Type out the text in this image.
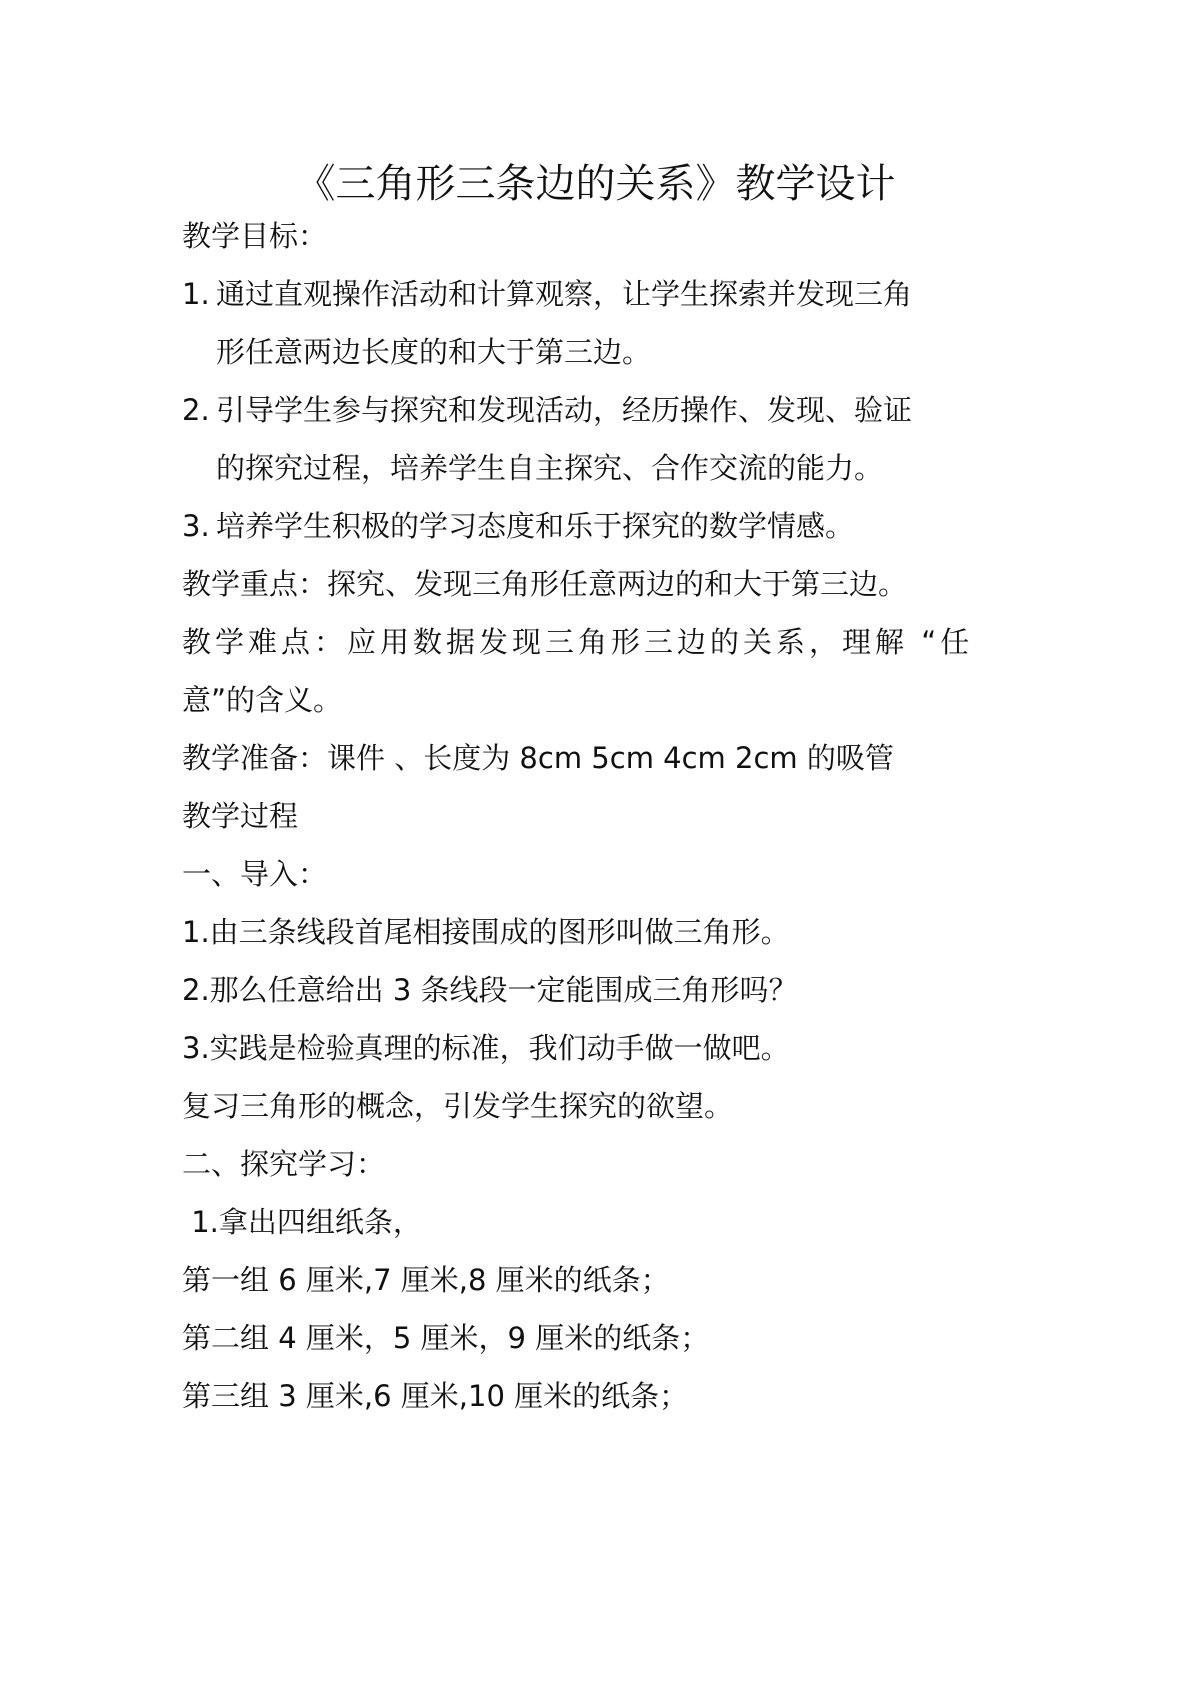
《三角形三条边的关系》教学设计
教学目标：
1. 通过直观操作活动和计算观察，让学生探索并发现三角
形任意两边长度的和大于第三边。
2. 引导学生参与探究和发现活动，经历操作、发现、验证
的探究过程，培养学生自主探究、合作交流的能力。
3. 培养学生积极的学习态度和乐于探究的数学情感。
教学重点：探究、发现三角形任意两边的和大于第三边。
教学难点：应用数据发现三角形三边的关系，理解 “任
意”的含义。
教学准备：课件 、长度为 8cm 5cm 4cm 2cm 的吸管
教学过程
一、导入：
1.由三条线段首尾相接围成的图形叫做三角形。
2.那么任意给出 3 条线段一定能围成三角形吗？
3.实践是检验真理的标准，我们动手做一做吧。
复习三角形的概念，引发学生探究的欲望。
二、探究学习：
1.拿出四组纸条，
第一组 6 厘米,7 厘米,8 厘米的纸条；
第二组 4 厘米，5 厘米，9 厘米的纸条；
第三组 3 厘米,6 厘米,10 厘米的纸条；
